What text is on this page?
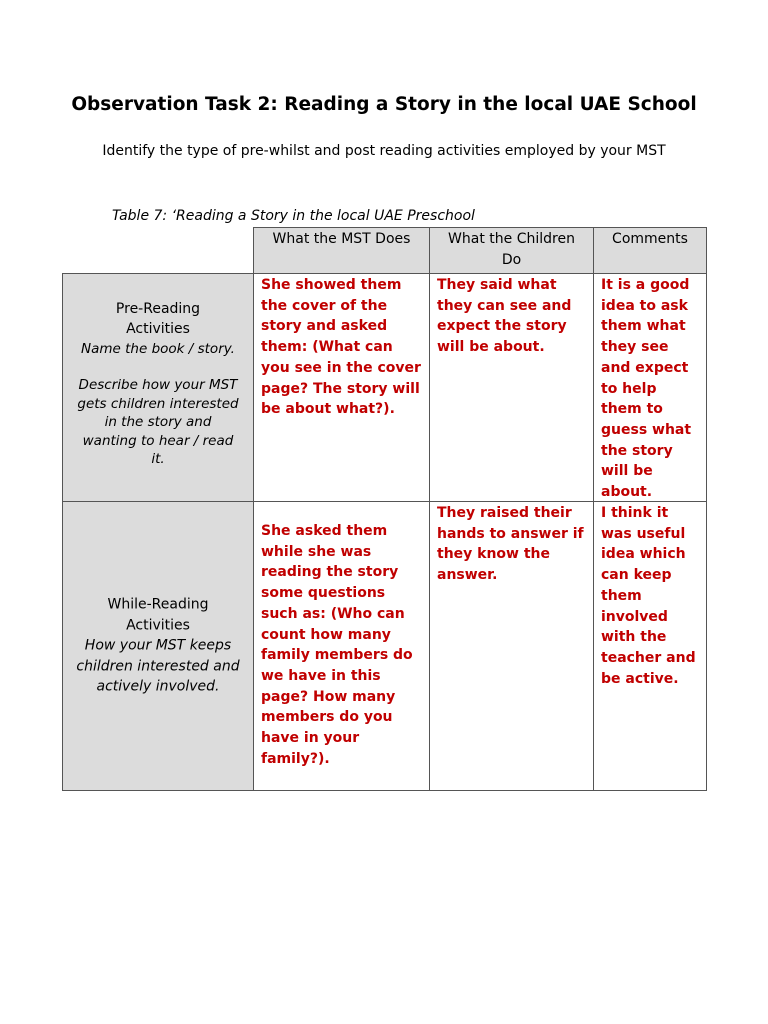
Observation Task 2: Reading a Story in the local UAE School
Identify the type of pre-whilst and post reading activities employed by your MST
Table 7: ‘Reading a Story in the local UAE Preschool
What the MST Does	What the Children Do
Comments
Pre-Reading Activities
Name the book / story.
Describe how your MST gets children interested in the story and wanting to hear / read it.
She showed them the cover of the story and asked them: (What can you see in the cover page? The story will be about what?).
They said what they can see and expect the story will be about.
It is a good idea to ask them what they see and expect to help them to guess what the story will be about.
While-Reading Activities
How your MST keeps children interested and actively involved.
She asked them while she was reading the story some questions such as: (Who can count how many family members do we have in this page? How many members do you have in your family?).
They raised their hands to answer if they know the answer.
I think it was useful idea which can keep them involved with the teacher and be active.
